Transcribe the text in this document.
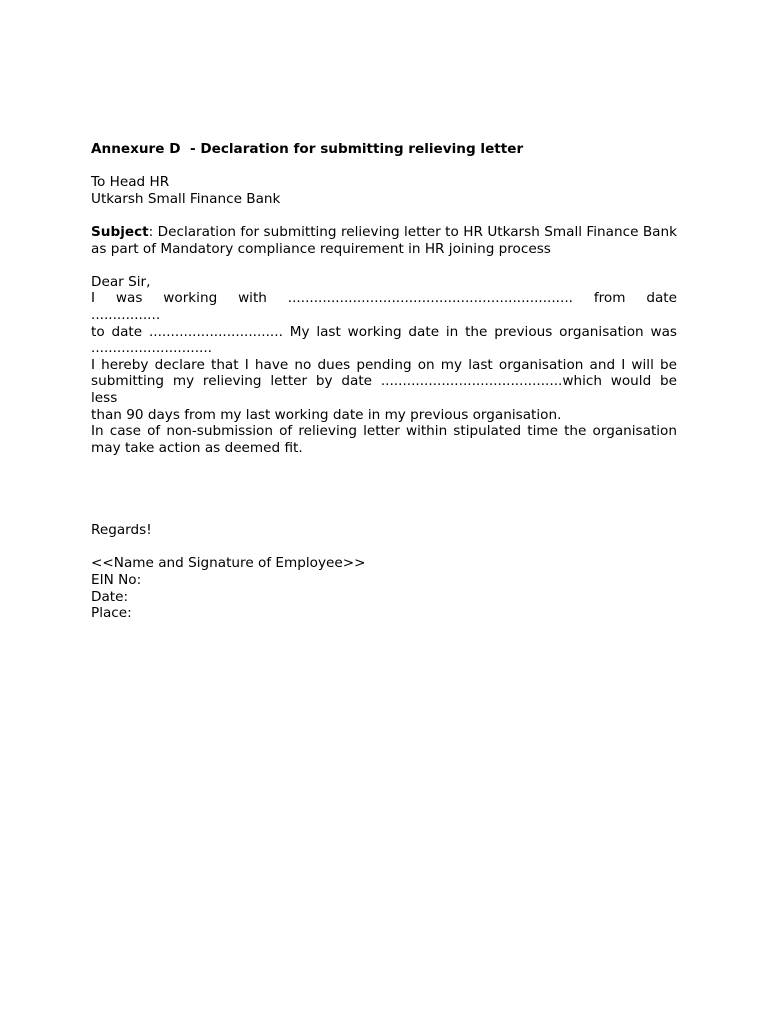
Annexure D  - Declaration for submitting relieving letter
To Head HR
Utkarsh Small Finance Bank
Subject: Declaration for submitting relieving letter to HR Utkarsh Small Finance Bank as part of Mandatory compliance requirement in HR joining process
Dear Sir,
I was working with .................................................................. from date
................
to date ............................... My last working date in the previous organisation was
............................
I hereby declare that I have no dues pending on my last organisation and I will be
submitting my relieving letter by date ..........................................which would be
less
than 90 days from my last working date in my previous organisation.
In case of non-submission of relieving letter within stipulated time the organisation may take action as deemed fit.
Regards!
<<Name and Signature of Employee>>
EIN No:
Date:
Place:
